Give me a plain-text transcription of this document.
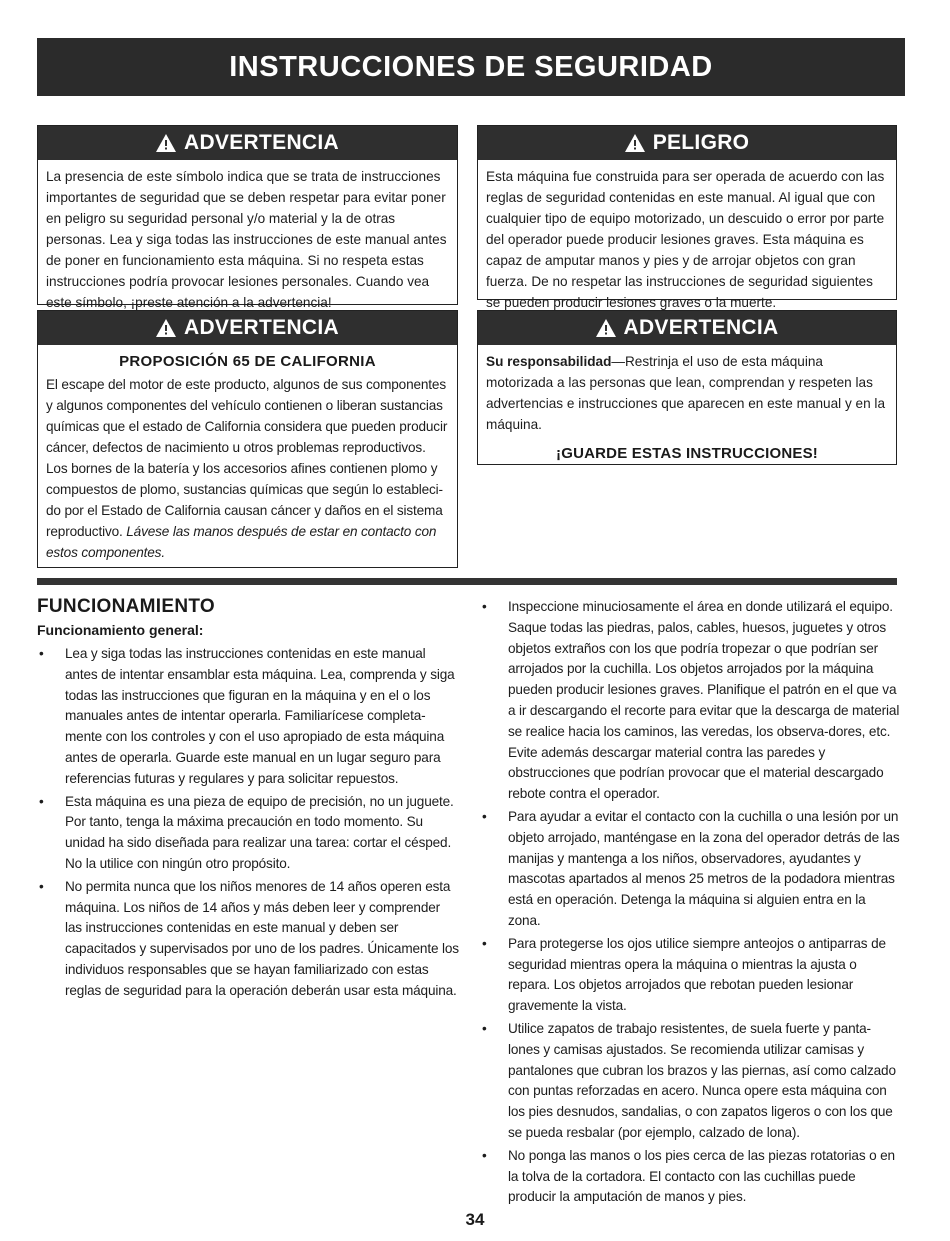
INSTRUCCIONES DE SEGURIDAD
ADVERTENCIA
La presencia de este símbolo indica que se trata de instrucciones importantes de seguridad que se deben respetar para evitar poner en peligro su seguridad personal y/o material y la de otras personas. Lea y siga todas las instrucciones de este manual antes de poner en funcionamiento esta máquina. Si no respeta estas instrucciones podría provocar lesiones personales. Cuando vea este símbolo, ¡preste atención a la advertencia!
PELIGRO
Esta máquina fue construida para ser operada de acuerdo con las reglas de seguridad contenidas en este manual. Al igual que con cualquier tipo de equipo motorizado, un descuido o error por parte del operador puede producir lesiones graves. Esta máquina es capaz de amputar manos y pies y de arrojar objetos con gran fuerza. De no respetar las instrucciones de seguridad siguientes se pueden producir lesiones graves o la muerte.
ADVERTENCIA
PROPOSICIÓN 65 DE CALIFORNIA
El escape del motor de este producto, algunos de sus componentes y algunos componentes del vehículo contienen o liberan sustancias químicas que el estado de California considera que pueden producir cáncer, defectos de nacimiento u otros problemas reproductivos. Los bornes de la batería y los accesorios afines contienen plomo y compuestos de plomo, sustancias químicas que según lo estableci-do por el Estado de California causan cáncer y daños en el sistema reproductivo. Lávese las manos después de estar en contacto con estos componentes.
ADVERTENCIA
Su responsabilidad—Restrinja el uso de esta máquina motorizada a las personas que lean, comprendan y respeten las advertencias e instrucciones que aparecen en este manual y en la máquina.
¡GUARDE ESTAS INSTRUCCIONES!
FUNCIONAMIENTO
Funcionamiento general:
•	Lea y siga todas las instrucciones contenidas en este manual antes de intentar ensamblar esta máquina. Lea, comprenda y siga todas las instrucciones que figuran en la máquina y en el o los manuales antes de intentar operarla. Familiarícese completa-mente con los controles y con el uso apropiado de esta máquina antes de operarla. Guarde este manual en un lugar seguro para referencias futuras y regulares y para solicitar repuestos.
•	Esta máquina es una pieza de equipo de precisión, no un juguete. Por tanto, tenga la máxima precaución en todo momento. Su unidad ha sido diseñada para realizar una tarea: cortar el césped. No la utilice con ningún otro propósito.
•	No permita nunca que los niños menores de 14 años operen esta máquina. Los niños de 14 años y más deben leer y comprender las instrucciones contenidas en este manual y deben ser capacitados y supervisados por uno de los padres. Únicamente los individuos responsables que se hayan familiarizado con estas reglas de seguridad para la operación deberán usar esta máquina.
•	Inspeccione minuciosamente el área en donde utilizará el equipo. Saque todas las piedras, palos, cables, huesos, juguetes y otros objetos extraños con los que podría tropezar o que podrían ser arrojados por la cuchilla. Los objetos arrojados por la máquina pueden producir lesiones graves. Planifique el patrón en el que va a ir descargando el recorte para evitar que la descarga de material se realice hacia los caminos, las veredas, los observa-dores, etc. Evite además descargar material contra las paredes y obstrucciones que podrían provocar que el material descargado rebote contra el operador.
•	Para ayudar a evitar el contacto con la cuchilla o una lesión por un objeto arrojado, manténgase en la zona del operador detrás de las manijas y mantenga a los niños, observadores, ayudantes y mascotas apartados al menos 25 metros de la podadora mientras está en operación. Detenga la máquina si alguien entra en la zona.
•	Para protegerse los ojos utilice siempre anteojos o antiparras de seguridad mientras opera la máquina o mientras la ajusta o repara. Los objetos arrojados que rebotan pueden lesionar gravemente la vista.
•	Utilice zapatos de trabajo resistentes, de suela fuerte y panta-lones y camisas ajustados. Se recomienda utilizar camisas y pantalones que cubran los brazos y las piernas, así como calzado con puntas reforzadas en acero. Nunca opere esta máquina con los pies desnudos, sandalias, o con zapatos ligeros o con los que se pueda resbalar (por ejemplo, calzado de lona).
•	No ponga las manos o los pies cerca de las piezas rotatorias o en la tolva de la cortadora. El contacto con las cuchillas puede producir la amputación de manos y pies.
34
